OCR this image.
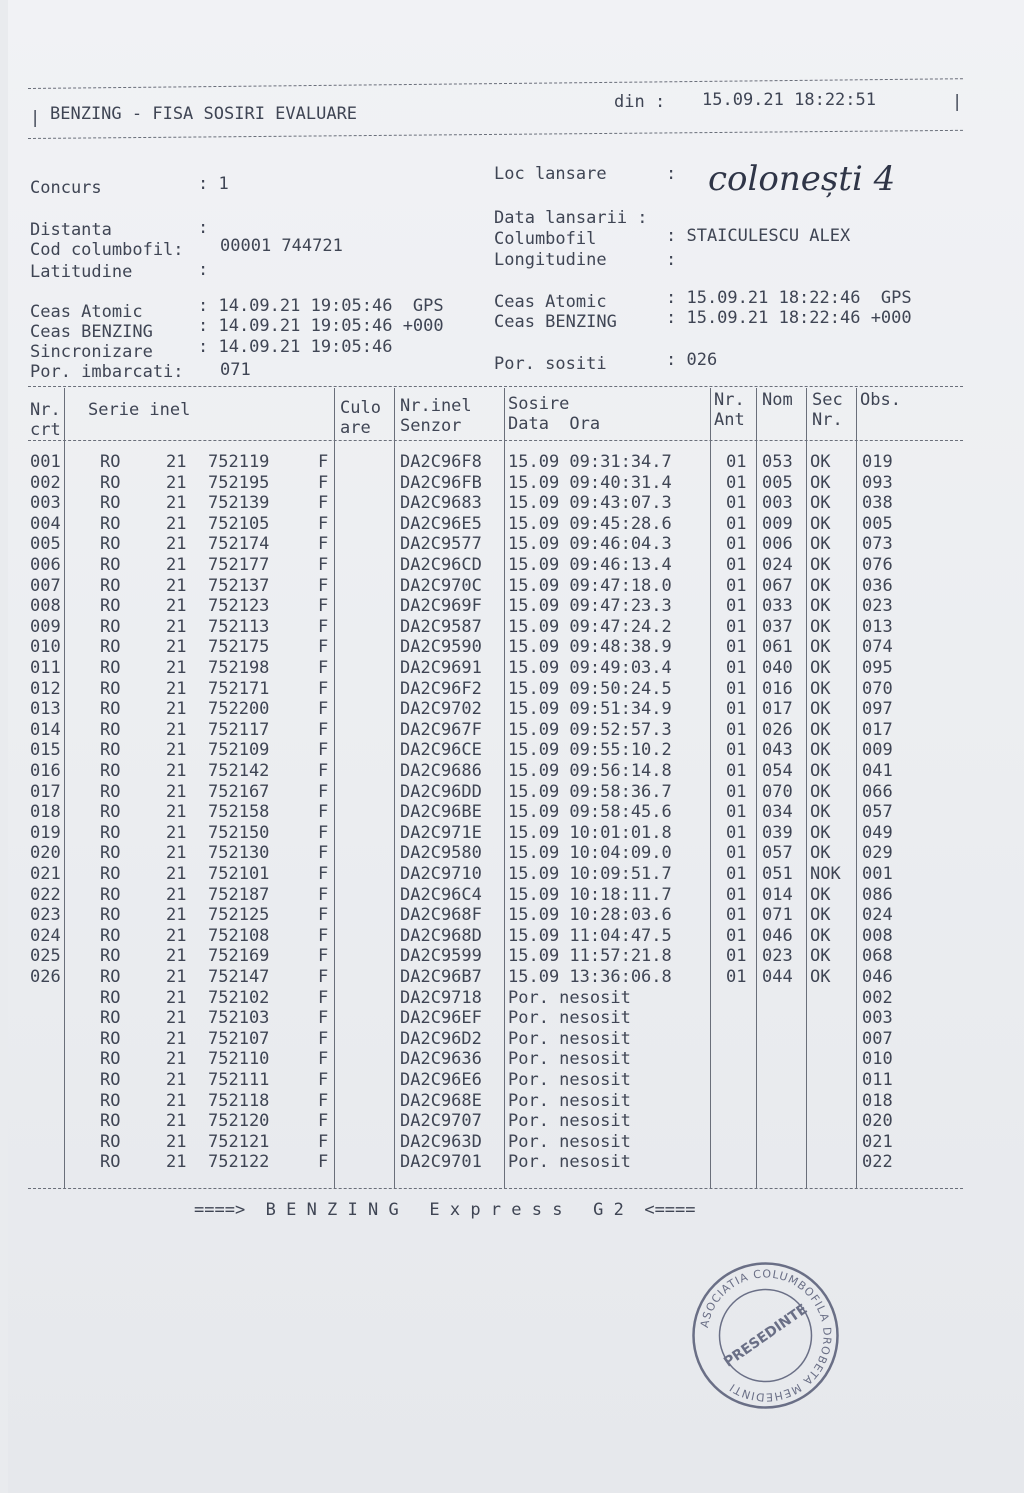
| BENZING - FISA SOSIRI EVALUARE
din : 15.09.21 18:22:51	|
Concurs	: 1
Distanta	:
Cod columbofil: 00001 744721
Latitudine	:
Ceas Atomic	: 14.09.21 19:05:46  GPS
Ceas BENZING	: 14.09.21 19:05:46 +000
Sincronizare	: 14.09.21 19:05:46
Por. imbarcati: 071
Loc lansare	: colonești 4
Data lansarii :
Columbofil	: STAICULESCU ALEX
Longitudine	:
Ceas Atomic	: 15.09.21 18:22:46  GPS
Ceas BENZING	: 15.09.21 18:22:46 +000
Por. sositi	: 026
Nr.
crt
Serie inel	Culo
are
Nr.inel
Senzor
Sosire
Data  Ora
Nr.
Ant
Nom Sec
Nr.
Obs.
001 RO	21 752119	F	DA2C96F8 15.09 09:31:34.7	01 053 OK 019
002 RO	21 752195	F	DA2C96FB 15.09 09:40:31.4	01 005 OK 093
003 RO	21 752139	F	DA2C9683 15.09 09:43:07.3	01 003 OK 038
004 RO	21 752105	F	DA2C96E5 15.09 09:45:28.6	01 009 OK 005
005 RO	21 752174	F	DA2C9577 15.09 09:46:04.3	01 006 OK 073
006 RO	21 752177	F	DA2C96CD 15.09 09:46:13.4	01 024 OK 076
007 RO	21 752137	F	DA2C970C 15.09 09:47:18.0	01 067 OK 036
008 RO	21 752123	F	DA2C969F 15.09 09:47:23.3	01 033 OK 023
009 RO	21 752113	F	DA2C9587 15.09 09:47:24.2	01 037 OK 013
010 RO	21 752175	F	DA2C9590 15.09 09:48:38.9	01 061 OK 074
011 RO	21 752198	F	DA2C9691 15.09 09:49:03.4	01 040 OK 095
012 RO	21 752171	F	DA2C96F2 15.09 09:50:24.5	01 016 OK 070
013 RO	21 752200	F	DA2C9702 15.09 09:51:34.9	01 017 OK 097
014 RO	21 752117	F	DA2C967F 15.09 09:52:57.3	01 026 OK 017
015 RO	21 752109	F	DA2C96CE 15.09 09:55:10.2	01 043 OK 009
016 RO	21 752142	F	DA2C9686 15.09 09:56:14.8	01 054 OK 041
017 RO	21 752167	F	DA2C96DD 15.09 09:58:36.7	01 070 OK 066
018 RO	21 752158	F	DA2C96BE 15.09 09:58:45.6	01 034 OK 057
019 RO	21 752150	F	DA2C971E 15.09 10:01:01.8	01 039 OK 049
020 RO	21 752130	F	DA2C9580 15.09 10:04:09.0	01 057 OK 029
021 RO	21 752101	F	DA2C9710 15.09 10:09:51.7	01 051 NOK 001
022 RO	21 752187	F	DA2C96C4 15.09 10:18:11.7	01 014 OK 086
023 RO	21 752125	F	DA2C968F 15.09 10:28:03.6	01 071 OK 024
024 RO	21 752108	F	DA2C968D 15.09 11:04:47.5	01 046 OK 008
025 RO	21 752169	F	DA2C9599 15.09 11:57:21.8	01 023 OK 068
026 RO	21 752147	F	DA2C96B7 15.09 13:36:06.8	01 044 OK 046
RO	21 752102	F	DA2C9718 Por. nesosit	002
RO	21 752103	F	DA2C96EF Por. nesosit	003
RO	21 752107	F	DA2C96D2 Por. nesosit	007
RO	21 752110	F	DA2C9636 Por. nesosit	010
RO	21 752111	F	DA2C96E6 Por. nesosit	011
RO	21 752118	F	DA2C968E Por. nesosit	018
RO	21 752120	F	DA2C9707 Por. nesosit	020
RO	21 752121	F	DA2C963D Por. nesosit	021
RO	21 752122	F	DA2C9701 Por. nesosit	022
====>  B E N Z I N G   E x p r e s s   G 2  <====
ASOCIATIA COLUMBOFILA DROBETA MEHEDINTI
PRESEDINTE
